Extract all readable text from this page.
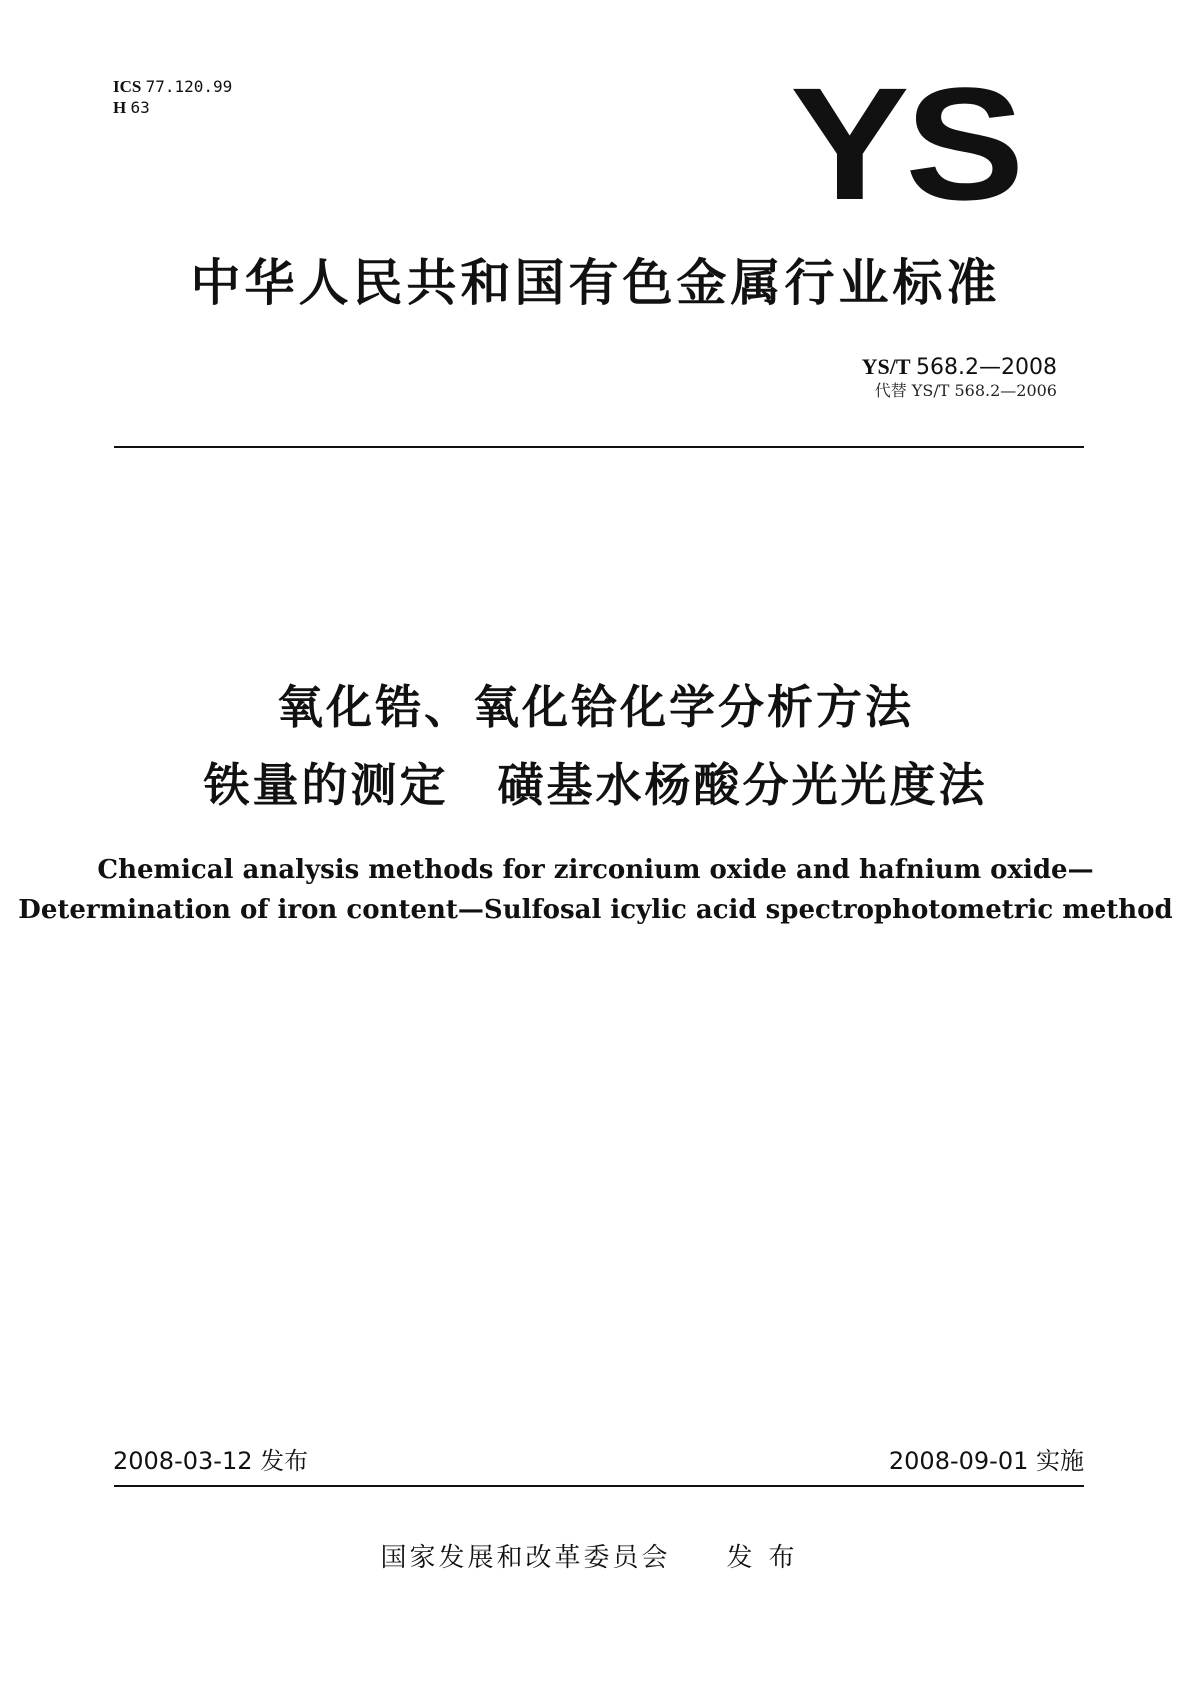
ICS 77.120.99
H 63	YS
中华人民共和国有色金属行业标准
YS/T 568.2—2008
代替 YS/T 568.2—2006
氧化锆、氧化铪化学分析方法
铁量的测定　磺基水杨酸分光光度法
Chemical analysis methods for zirconium oxide and hafnium oxide—
Determination of iron content—Sulfosal icylic acid spectrophotometric method
2008-03-12 发布	2008-09-01 实施
国家发展和改革委员会 发布
